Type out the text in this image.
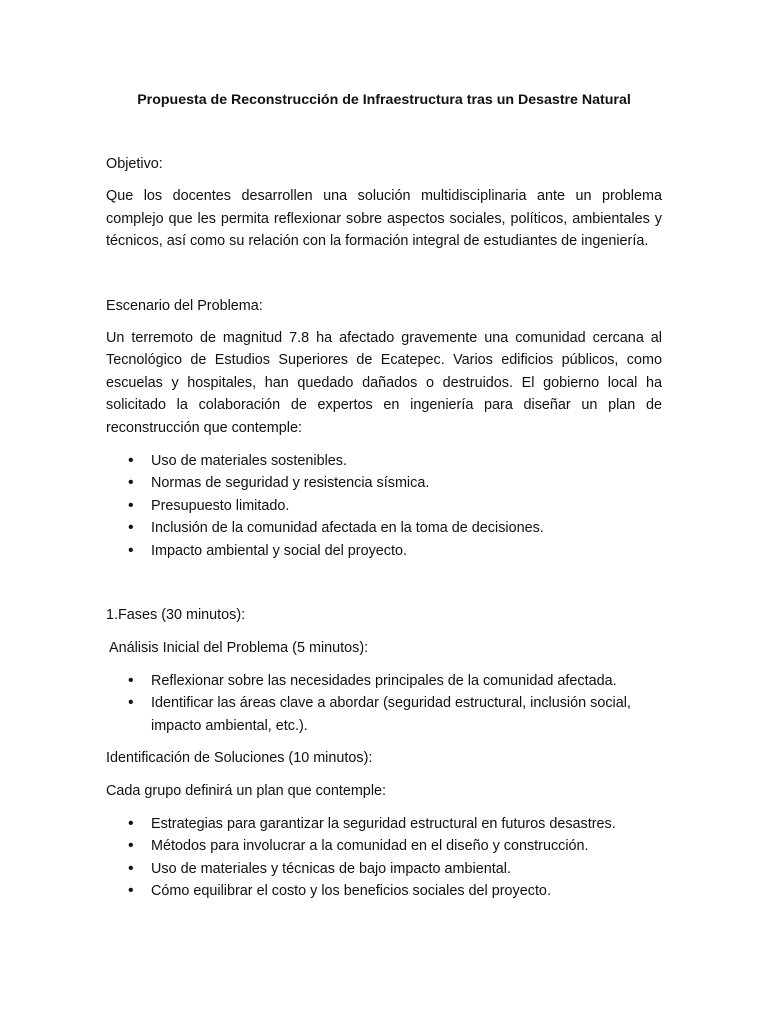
Propuesta de Reconstrucción de Infraestructura tras un Desastre Natural

Objetivo:

Que los docentes desarrollen una solución multidisciplinaria ante un problema complejo que les permita reflexionar sobre aspectos sociales, políticos, ambientales y técnicos, así como su relación con la formación integral de estudiantes de ingeniería.

Escenario del Problema:

Un terremoto de magnitud 7.8 ha afectado gravemente una comunidad cercana al Tecnológico de Estudios Superiores de Ecatepec. Varios edificios públicos, como escuelas y hospitales, han quedado dañados o destruidos. El gobierno local ha solicitado la colaboración de expertos en ingeniería para diseñar un plan de reconstrucción que contemple:

• Uso de materiales sostenibles.
• Normas de seguridad y resistencia sísmica.
• Presupuesto limitado.
• Inclusión de la comunidad afectada en la toma de decisiones.
• Impacto ambiental y social del proyecto.

1.Fases (30 minutos):

Análisis Inicial del Problema (5 minutos):

• Reflexionar sobre las necesidades principales de la comunidad afectada.
• Identificar las áreas clave a abordar (seguridad estructural, inclusión social, impacto ambiental, etc.).

Identificación de Soluciones (10 minutos):

Cada grupo definirá un plan que contemple:

• Estrategias para garantizar la seguridad estructural en futuros desastres.
• Métodos para involucrar a la comunidad en el diseño y construcción.
• Uso de materiales y técnicas de bajo impacto ambiental.
• Cómo equilibrar el costo y los beneficios sociales del proyecto.
